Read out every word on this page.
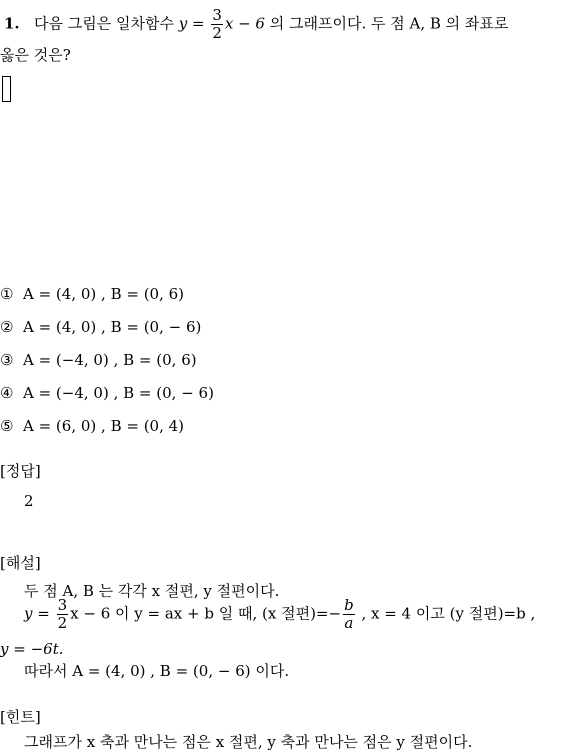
1. 다음 그림은 일차함수 $y = \frac{3}{2}$ x − 6 의 그래프이다. 두 점 A, B 의 좌표로
옳은 것은?
① A = (4, 0) , B = (0, 6)
② A = (4, 0) , B = (0, − 6)
③ A = (−4, 0) , B = (0, 6)
④ A = (−4, 0) , B = (0, − 6)
⑤ A = (6, 0) , B = (0, 4)
[정답]
2
[해설]
두 점 A, B 는 각각 x 절편, y 절편이다.
$y = \frac{3}{2}$ x − 6 이 y = ax + b 일 때, (x 절편)=− $\frac{b}{a}$ , x = 4 이고 (y 절편)=b ,
y = −6t.
따라서 A = (4, 0) , B = (0, − 6) 이다.
[힌트]
그래프가 x 축과 만나는 점은 x 절편, y 축과 만나는 점은 y 절편이다.
